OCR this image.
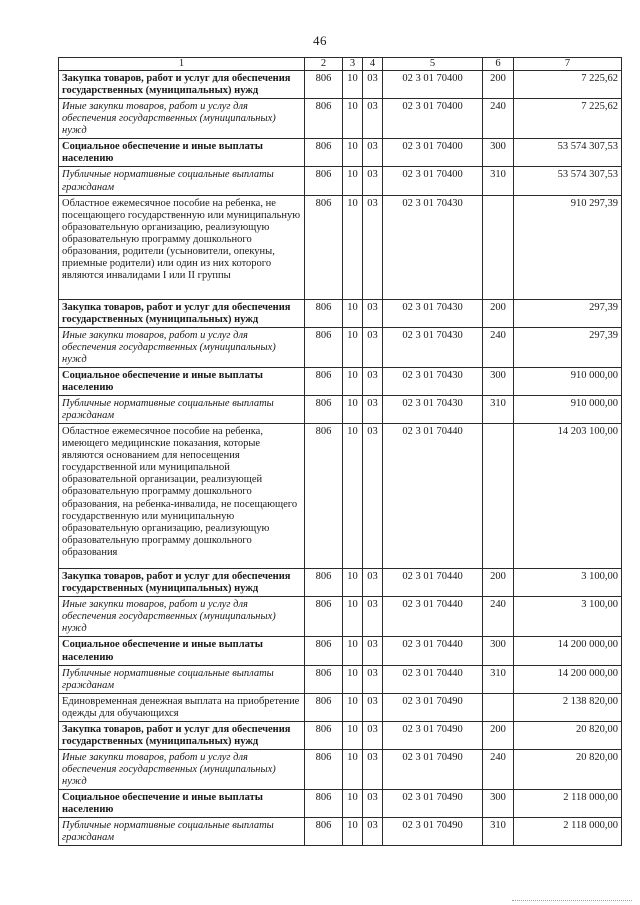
46
1	2	3	4	5	6	7
Закупка товаров, работ и услуг для обеспечения государственных (муниципальных) нужд	806	10	03	02 3 01 70400	200	7 225,62
Иные закупки товаров, работ и услуг для обеспечения государственных (муниципальных) нужд	806	10	03	02 3 01 70400	240	7 225,62
Социальное обеспечение и иные выплаты населению	806	10	03	02 3 01 70400	300	53 574 307,53
Публичные нормативные социальные выплаты гражданам	806	10	03	02 3 01 70400	310	53 574 307,53
Областное ежемесячное пособие на ребенка, не посещающего государственную или муниципальную образовательную организацию, реализующую образовательную программу дошкольного образования, родители (усыновители, опекуны, приемные родители) или один из них которого являются инвалидами I или II группы	806	10	03	02 3 01 70430		910 297,39
Закупка товаров, работ и услуг для обеспечения государственных (муниципальных) нужд	806	10	03	02 3 01 70430	200	297,39
Иные закупки товаров, работ и услуг для обеспечения государственных (муниципальных) нужд	806	10	03	02 3 01 70430	240	297,39
Социальное обеспечение и иные выплаты населению	806	10	03	02 3 01 70430	300	910 000,00
Публичные нормативные социальные выплаты гражданам	806	10	03	02 3 01 70430	310	910 000,00
Областное ежемесячное пособие на ребенка, имеющего медицинские показания, которые являются основанием для непосещения государственной или муниципальной образовательной организации, реализующей образовательную программу дошкольного образования, на ребенка-инвалида, не посещающего государственную или муниципальную образовательную организацию, реализующую образовательную программу дошкольного образования	806	10	03	02 3 01 70440		14 203 100,00
Закупка товаров, работ и услуг для обеспечения государственных (муниципальных) нужд	806	10	03	02 3 01 70440	200	3 100,00
Иные закупки товаров, работ и услуг для обеспечения государственных (муниципальных) нужд	806	10	03	02 3 01 70440	240	3 100,00
Социальное обеспечение и иные выплаты населению	806	10	03	02 3 01 70440	300	14 200 000,00
Публичные нормативные социальные выплаты гражданам	806	10	03	02 3 01 70440	310	14 200 000,00
Единовременная денежная выплата на приобретение одежды для обучающихся	806	10	03	02 3 01 70490		2 138 820,00
Закупка товаров, работ и услуг для обеспечения государственных (муниципальных) нужд	806	10	03	02 3 01 70490	200	20 820,00
Иные закупки товаров, работ и услуг для обеспечения государственных (муниципальных) нужд	806	10	03	02 3 01 70490	240	20 820,00
Социальное обеспечение и иные выплаты населению	806	10	03	02 3 01 70490	300	2 118 000,00
Публичные нормативные социальные выплаты гражданам	806	10	03	02 3 01 70490	310	2 118 000,00
